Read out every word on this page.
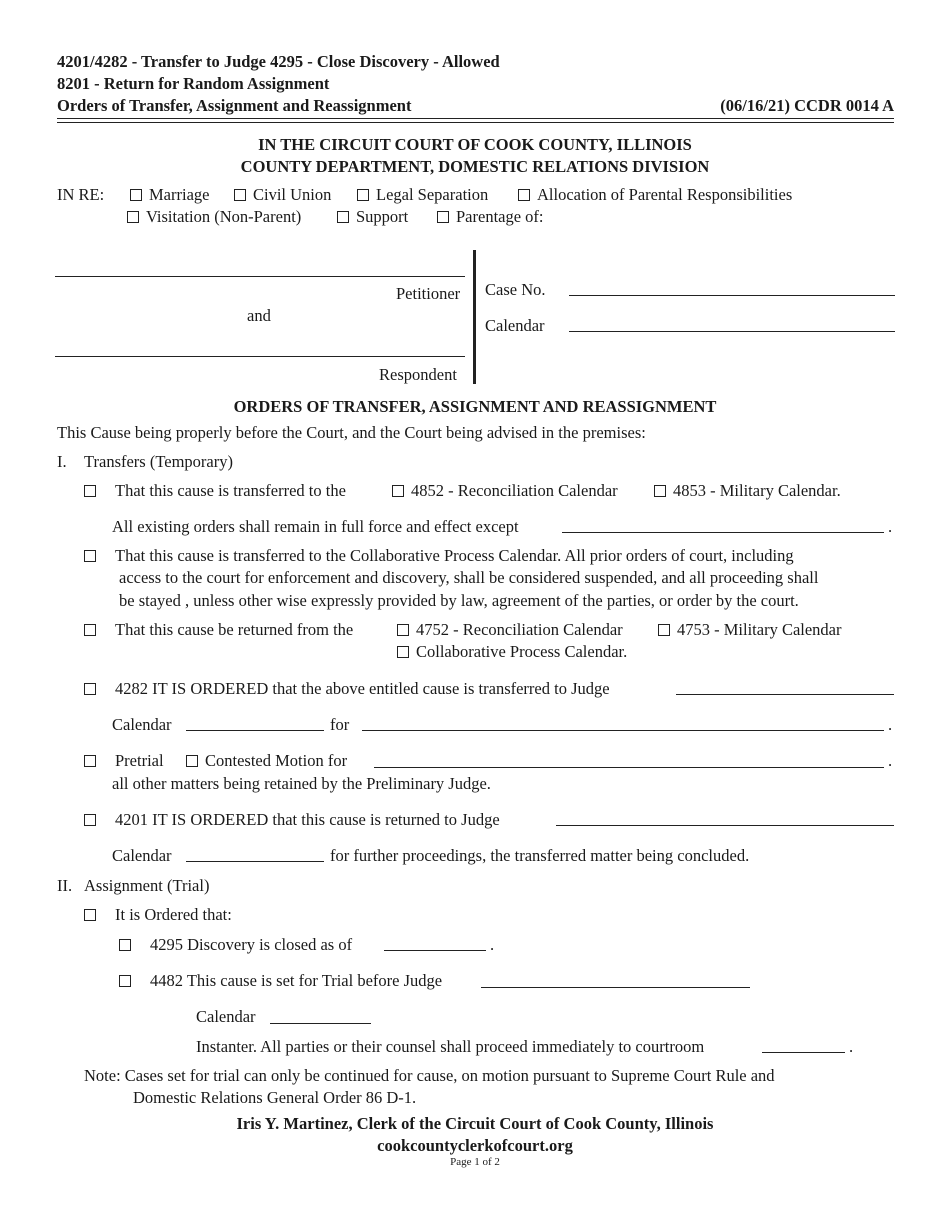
4201/4282 - Transfer to Judge 4295 - Close Discovery - Allowed
8201 - Return for Random Assignment
Orders of Transfer, Assignment and Reassignment	(06/16/21) CCDR 0014 A
IN THE CIRCUIT COURT OF COOK COUNTY, ILLINOIS
COUNTY DEPARTMENT, DOMESTIC RELATIONS DIVISION
IN RE:	Marriage	Civil Union	Legal Separation	Allocation of Parental Responsibilities
Visitation (Non-Parent)	Support	Parentage of:
Petitioner
and
Respondent
Case No.
Calendar
ORDERS OF TRANSFER, ASSIGNMENT AND REASSIGNMENT
This Cause being properly before the Court, and the Court being advised in the premises:
I. Transfers (Temporary)
That this cause is transferred to the	4852 - Reconciliation Calendar	4853 - Military Calendar.
All existing orders shall remain in full force and effect except	.
That this cause is transferred to the Collaborative Process Calendar. All prior orders of court, including
access to the court for enforcement and discovery, shall be considered suspended, and all proceeding shall
be stayed , unless other wise expressly provided by law, agreement of the parties, or order by the court.
That this cause be returned from the	4752 - Reconciliation Calendar	4753 - Military Calendar
Collaborative Process Calendar.
4282 IT IS ORDERED that the above entitled cause is transferred to Judge
Calendar	for	.
Pretrial	Contested Motion for	.
all other matters being retained by the Preliminary Judge.
4201 IT IS ORDERED that this cause is returned to Judge
Calendar	for further proceedings, the transferred matter being concluded.
II. Assignment (Trial)
It is Ordered that:
4295 Discovery is closed as of	.
4482 This cause is set for Trial before Judge
Calendar
Instanter. All parties or their counsel shall proceed immediately to courtroom	.
Note: Cases set for trial can only be continued for cause, on motion pursuant to Supreme Court Rule and
Domestic Relations General Order 86 D-1.
Iris Y. Martinez, Clerk of the Circuit Court of Cook County, Illinois
cookcountyclerkofcourt.org
Page 1 of 2
